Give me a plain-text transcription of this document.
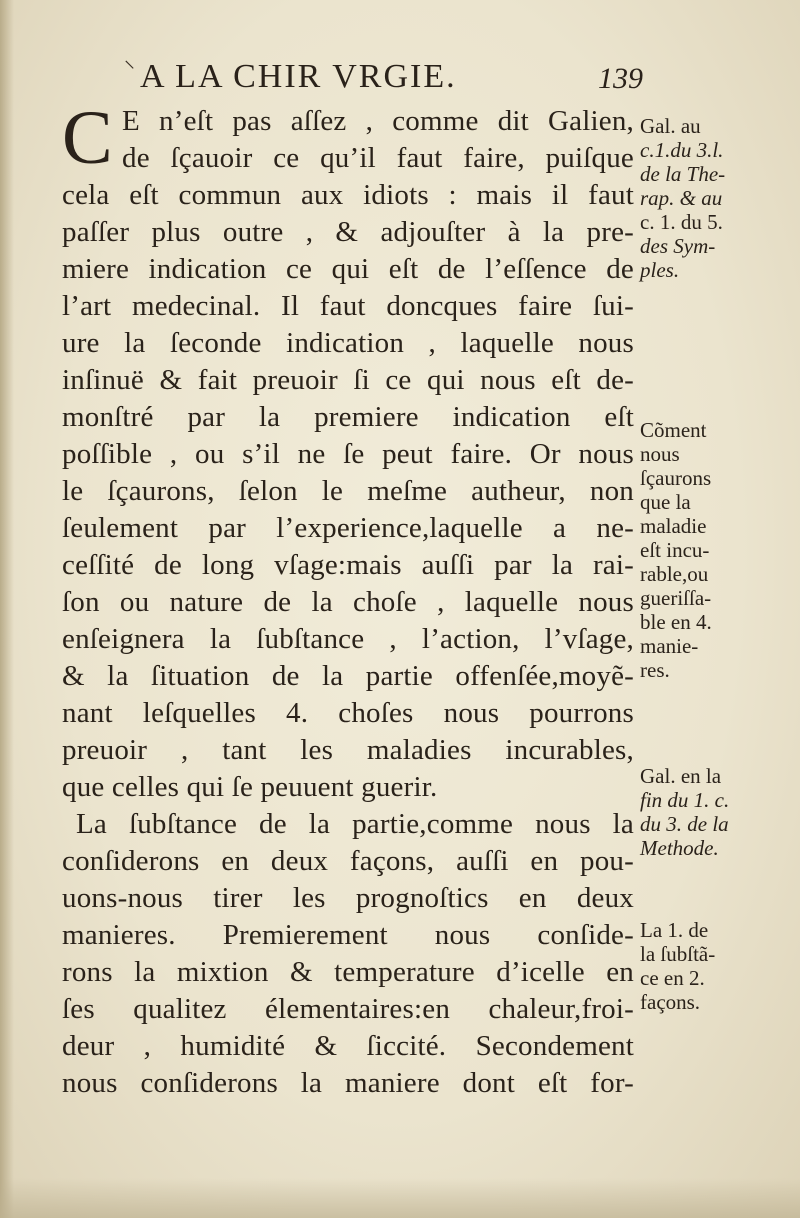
⸜ A LA CHIR VRGIE.	139
C E n’eſt pas aſſez , comme dit Galien,
de ſçauoir ce qu’il faut faire, puiſque
cela eſt commun aux idiots : mais il faut
paſſer plus outre , & adjouſter à la pre-
miere indication ce qui eſt de l’eſſence de
l’art medecinal. Il faut doncques faire ſui-
ure la ſeconde indication , laquelle nous
inſinuë & fait preuoir ſi ce qui nous eſt de-
monſtré par la premiere indication eſt
poſſible , ou s’il ne ſe peut faire. Or nous
le ſçaurons, ſelon le meſme autheur, non
ſeulement par l’experience,laquelle a ne-
ceſſité de long vſage:mais auſſi par la rai-
ſon ou nature de la choſe , laquelle nous
enſeignera la ſubſtance , l’action, l’vſage,
& la ſituation de la partie offenſée,moyẽ-
nant leſquelles 4. choſes nous pourrons
preuoir , tant les maladies incurables,
que celles qui ſe peuuent guerir.
La ſubſtance de la partie,comme nous la
conſiderons en deux façons, auſſi en pou-
uons-nous tirer les prognoſtics en deux
manieres. Premierement nous conſide-
rons la mixtion & temperature d’icelle en
ſes qualitez élementaires:en chaleur,froi-
deur , humidité & ſiccité. Secondement
nous conſiderons la maniere dont eſt for-
Gal. au
c.1.du 3.l.
de la The-
rap. & au
c. 1. du 5.
des Sym-
ples.
Cõment
nous
ſçaurons
que la
maladie
eſt incu-
rable,ou
gueriſſa-
ble en 4.
manie-
res.
Gal. en la
fin du 1. c.
du 3. de la
Methode.
La 1. de
la ſubſtã-
ce en 2.
façons.
